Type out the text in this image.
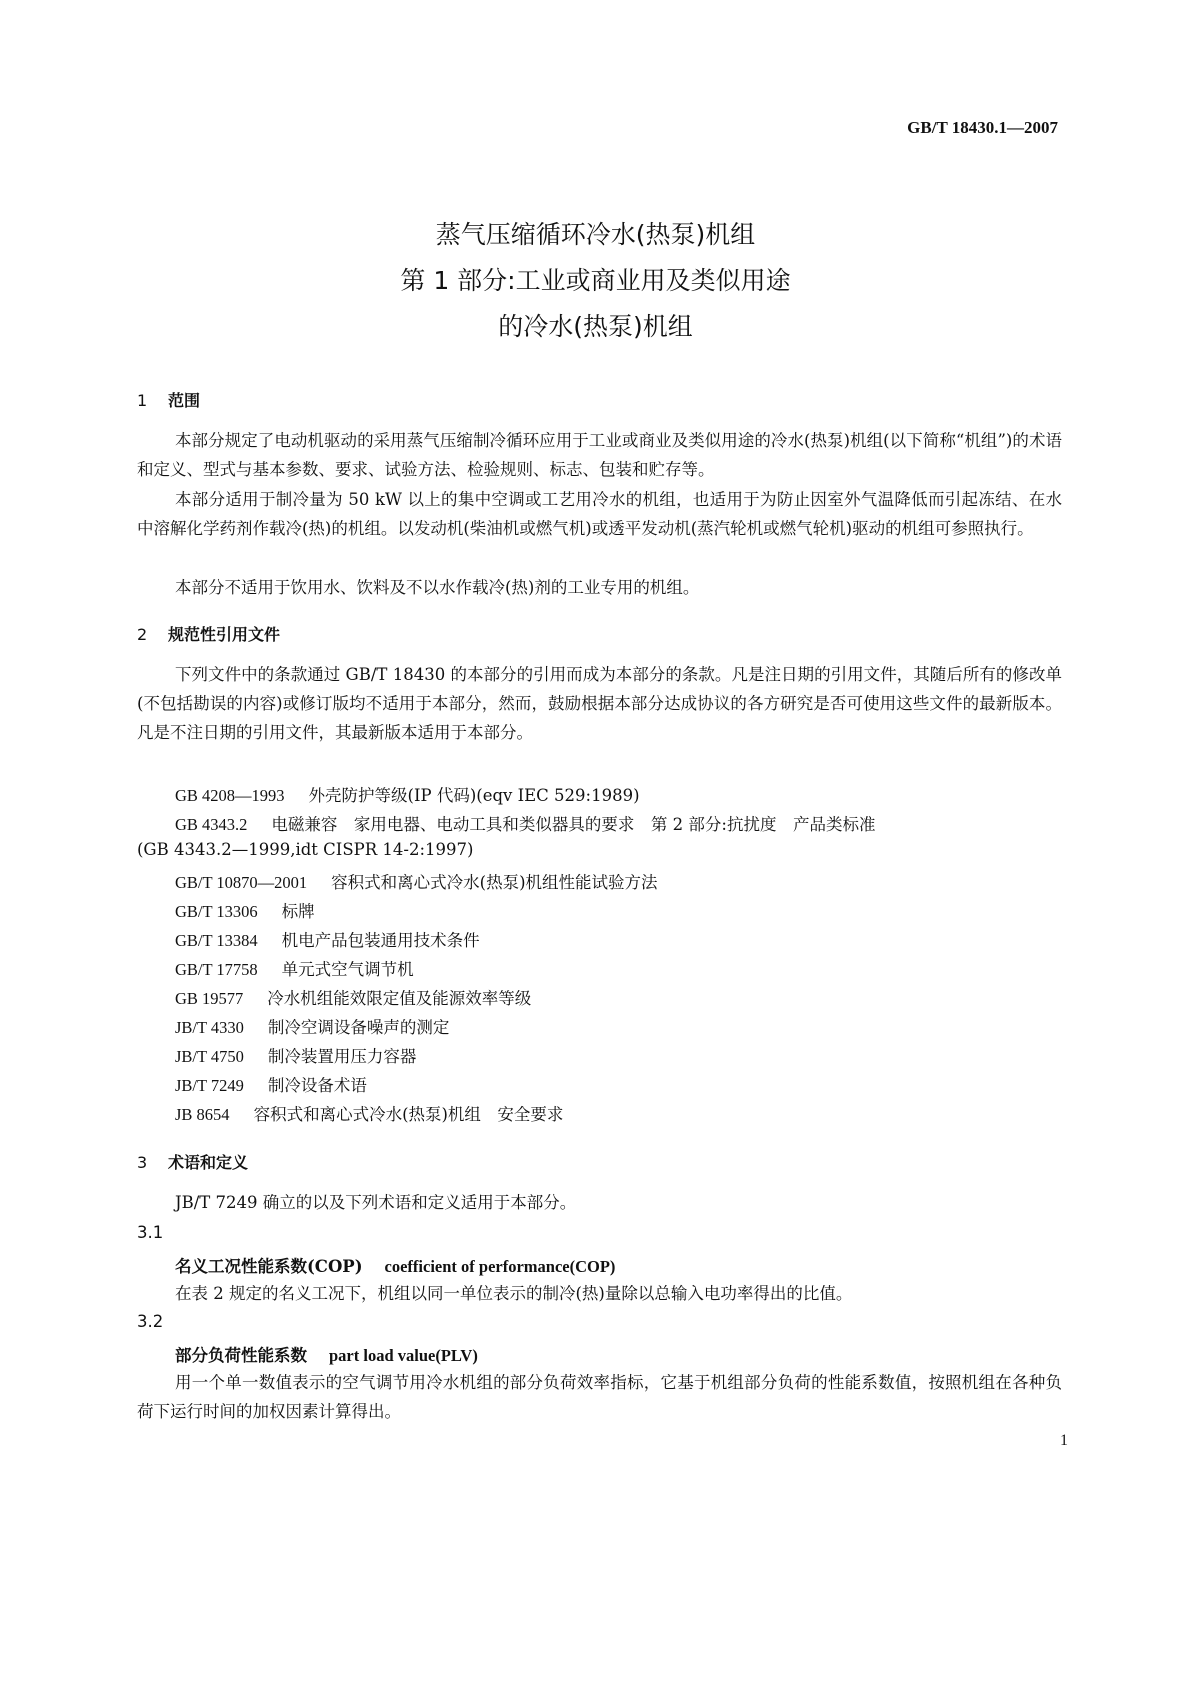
GB/T 18430.1—2007
蒸气压缩循环冷水(热泵)机组
第 1 部分:工业或商业用及类似用途
的冷水(热泵)机组
1 范围

本部分规定了电动机驱动的采用蒸气压缩制冷循环应用于工业或商业及类似用途的冷水(热泵)机组(以下简称“机组”)的术语和定义、型式与基本参数、要求、试验方法、检验规则、标志、包装和贮存等。

本部分适用于制冷量为 50 kW 以上的集中空调或工艺用冷水的机组，也适用于为防止因室外气温降低而引起冻结、在水中溶解化学药剂作载冷(热)的机组。以发动机(柴油机或燃气机)或透平发动机(蒸汽轮机或燃气轮机)驱动的机组可参照执行。

本部分不适用于饮用水、饮料及不以水作载冷(热)剂的工业专用的机组。

2 规范性引用文件

下列文件中的条款通过 GB/T 18430 的本部分的引用而成为本部分的条款。凡是注日期的引用文件，其随后所有的修改单(不包括勘误的内容)或修订版均不适用于本部分，然而，鼓励根据本部分达成协议的各方研究是否可使用这些文件的最新版本。凡是不注日期的引用文件，其最新版本适用于本部分。

GB 4208—1993 外壳防护等级(IP 代码)(eqv IEC 529:1989)
GB 4343.2 电磁兼容　家用电器、电动工具和类似器具的要求　第 2 部分:抗扰度　产品类标准
(GB 4343.2—1999,idt CISPR 14-2:1997)
GB/T 10870—2001 容积式和离心式冷水(热泵)机组性能试验方法
GB/T 13306 标牌
GB/T 13384 机电产品包装通用技术条件
GB/T 17758 单元式空气调节机
GB 19577 冷水机组能效限定值及能源效率等级
JB/T 4330 制冷空调设备噪声的测定
JB/T 4750 制冷装置用压力容器
JB/T 7249 制冷设备术语
JB 8654 容积式和离心式冷水(热泵)机组　安全要求
3 术语和定义

JB/T 7249 确立的以及下列术语和定义适用于本部分。

3.1
名义工况性能系数(COP) coefficient of performance(COP)

在表 2 规定的名义工况下，机组以同一单位表示的制冷(热)量除以总输入电功率得出的比值。

3.2
部分负荷性能系数 part load value(PLV)

用一个单一数值表示的空气调节用冷水机组的部分负荷效率指标，它基于机组部分负荷的性能系数值，按照机组在各种负荷下运行时间的加权因素计算得出。

1
